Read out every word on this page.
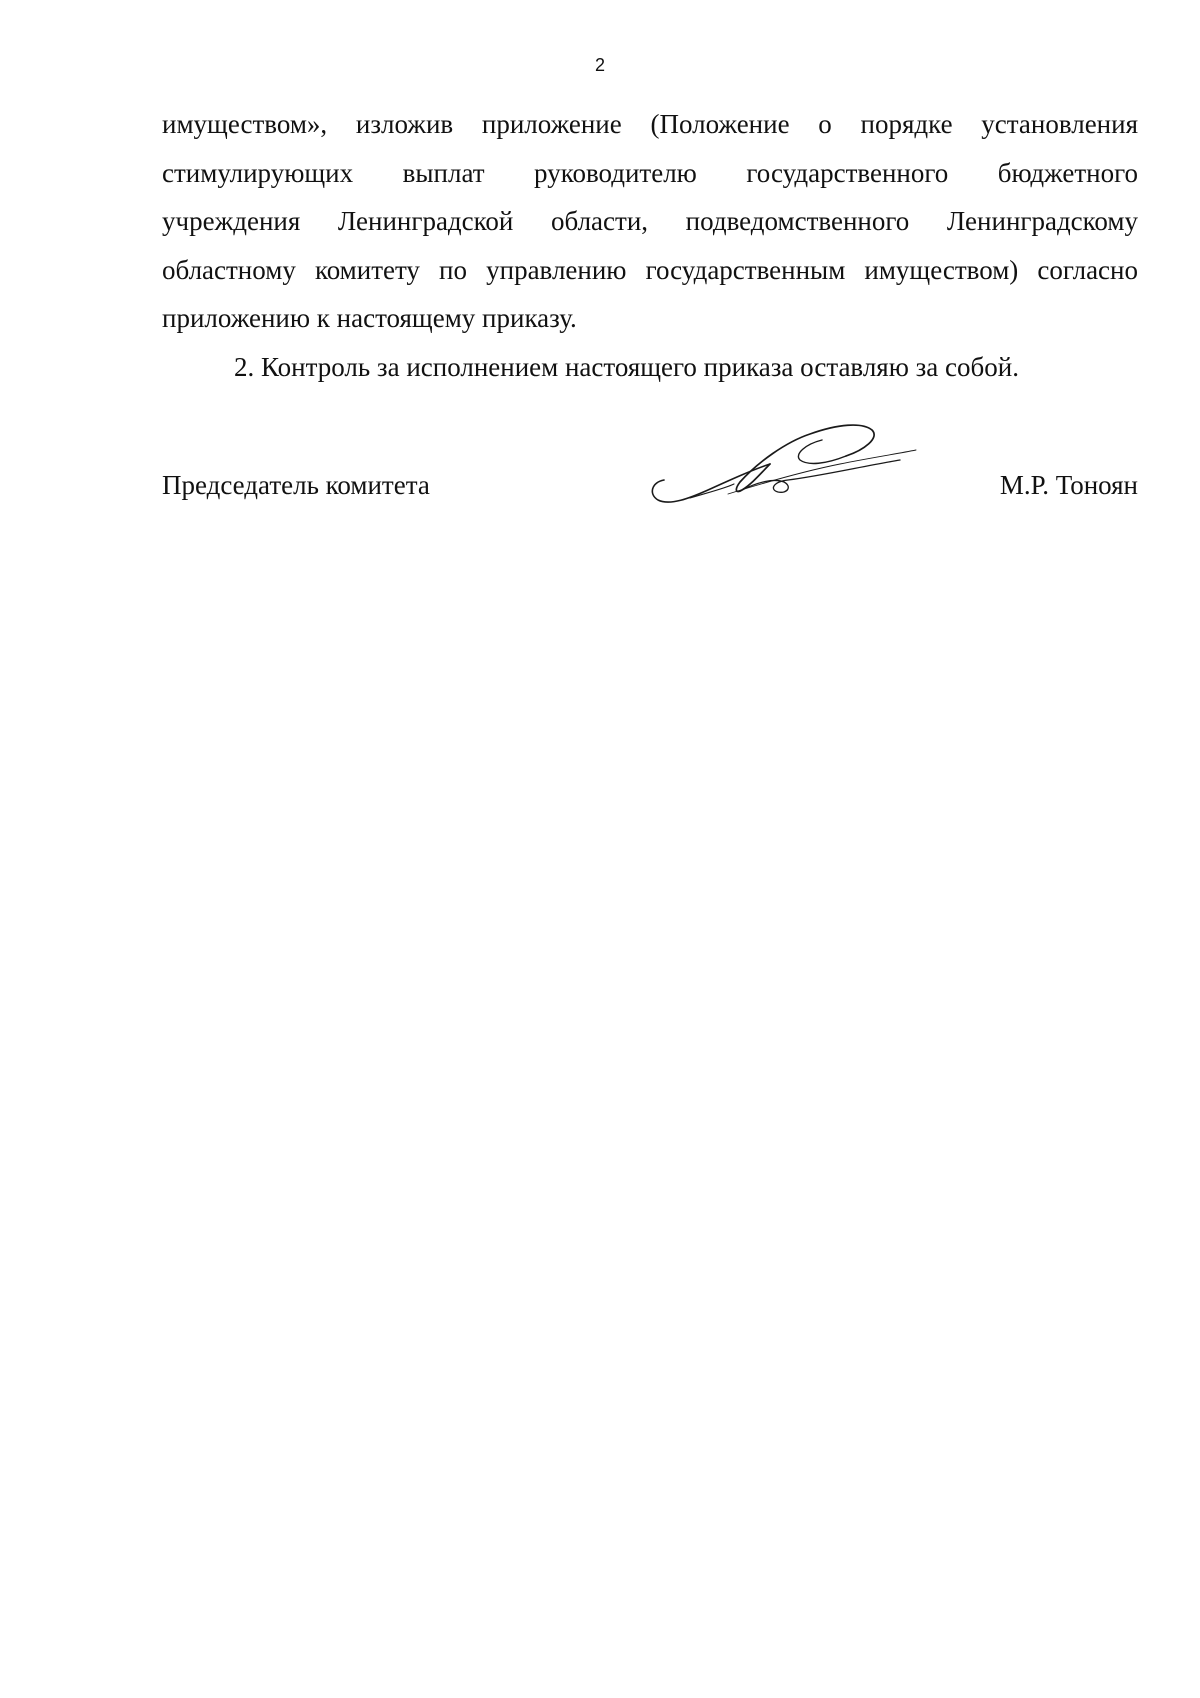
2

имуществом», изложив приложение (Положение о порядке установления
стимулирующих выплат руководителю государственного бюджетного
учреждения Ленинградской области, подведомственного Ленинградскому
областному комитету по управлению государственным имуществом) согласно
приложению к настоящему приказу.

2. Контроль за исполнением настоящего приказа оставляю за собой.

Председатель комитета	М.Р. Тоноян
